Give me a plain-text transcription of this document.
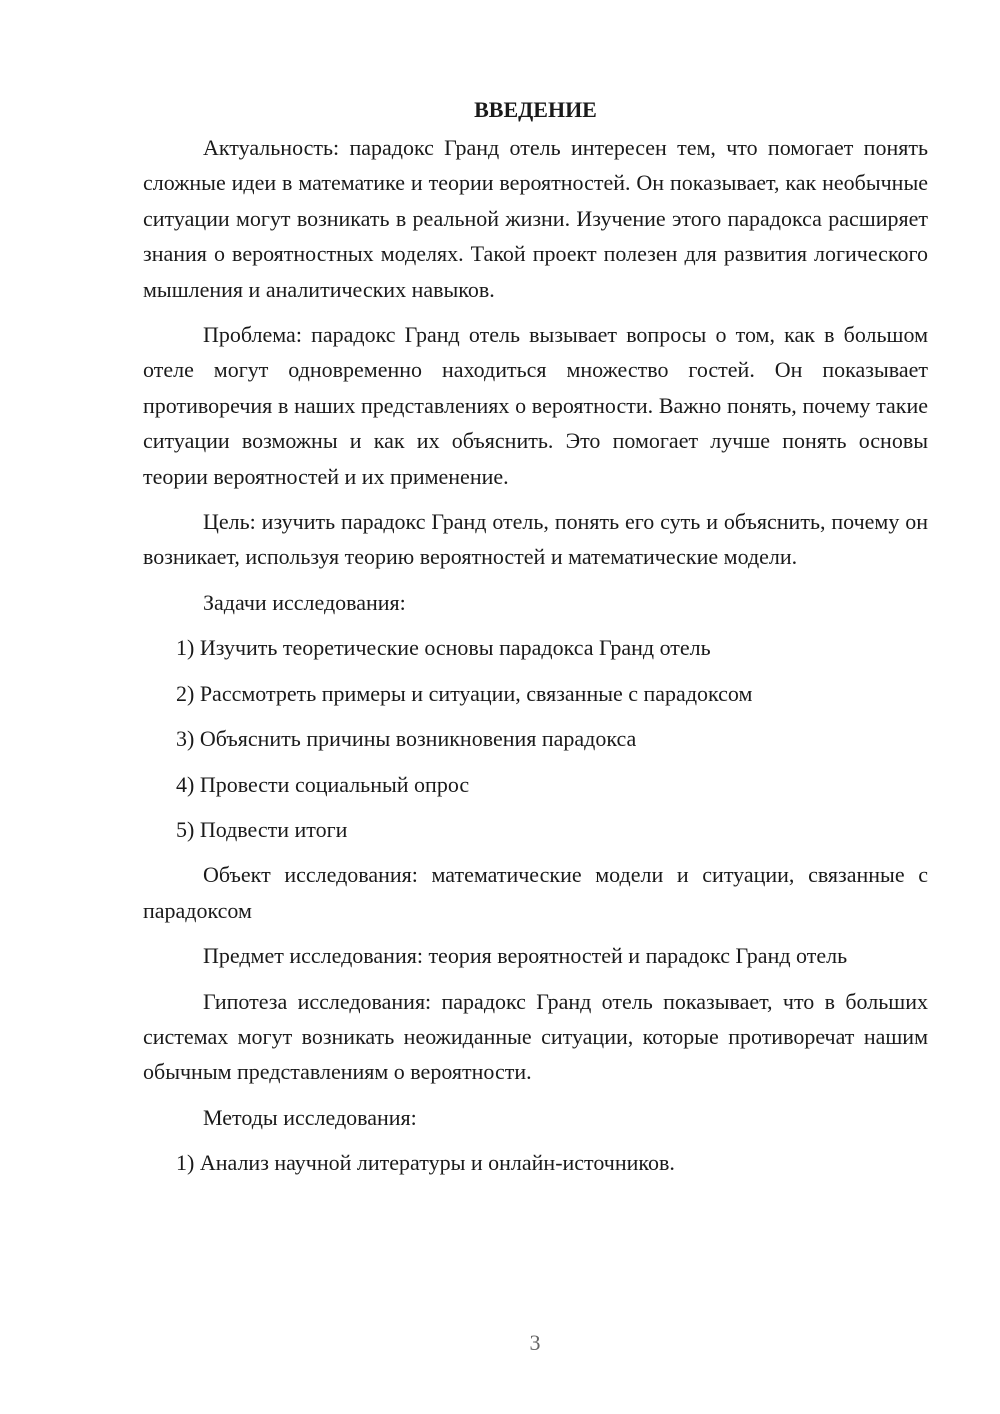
ВВЕДЕНИЕ
Актуальность: парадокс Гранд отель интересен тем, что помогает понять сложные идеи в математике и теории вероятностей. Он показывает, как необычные ситуации могут возникать в реальной жизни. Изучение этого парадокса расширяет знания о вероятностных моделях. Такой проект полезен для развития логического мышления и аналитических навыков.
Проблема: парадокс Гранд отель вызывает вопросы о том, как в большом отеле могут одновременно находиться множество гостей. Он показывает противоречия в наших представлениях о вероятности. Важно понять, почему такие ситуации возможны и как их объяснить. Это помогает лучше понять основы теории вероятностей и их применение.
Цель: изучить парадокс Гранд отель, понять его суть и объяснить, почему он возникает, используя теорию вероятностей и математические модели.
Задачи исследования:
1) Изучить теоретические основы парадокса Гранд отель
2) Рассмотреть примеры и ситуации, связанные с парадоксом
3) Объяснить причины возникновения парадокса
4) Провести социальный опрос
5) Подвести итоги
Объект исследования: математические модели и ситуации, связанные с парадоксом
Предмет исследования: теория вероятностей и парадокс Гранд отель
Гипотеза исследования: парадокс Гранд отель показывает, что в больших системах могут возникать неожиданные ситуации, которые противоречат нашим обычным представлениям о вероятности.
Методы исследования:
1) Анализ научной литературы и онлайн-источников.
3
